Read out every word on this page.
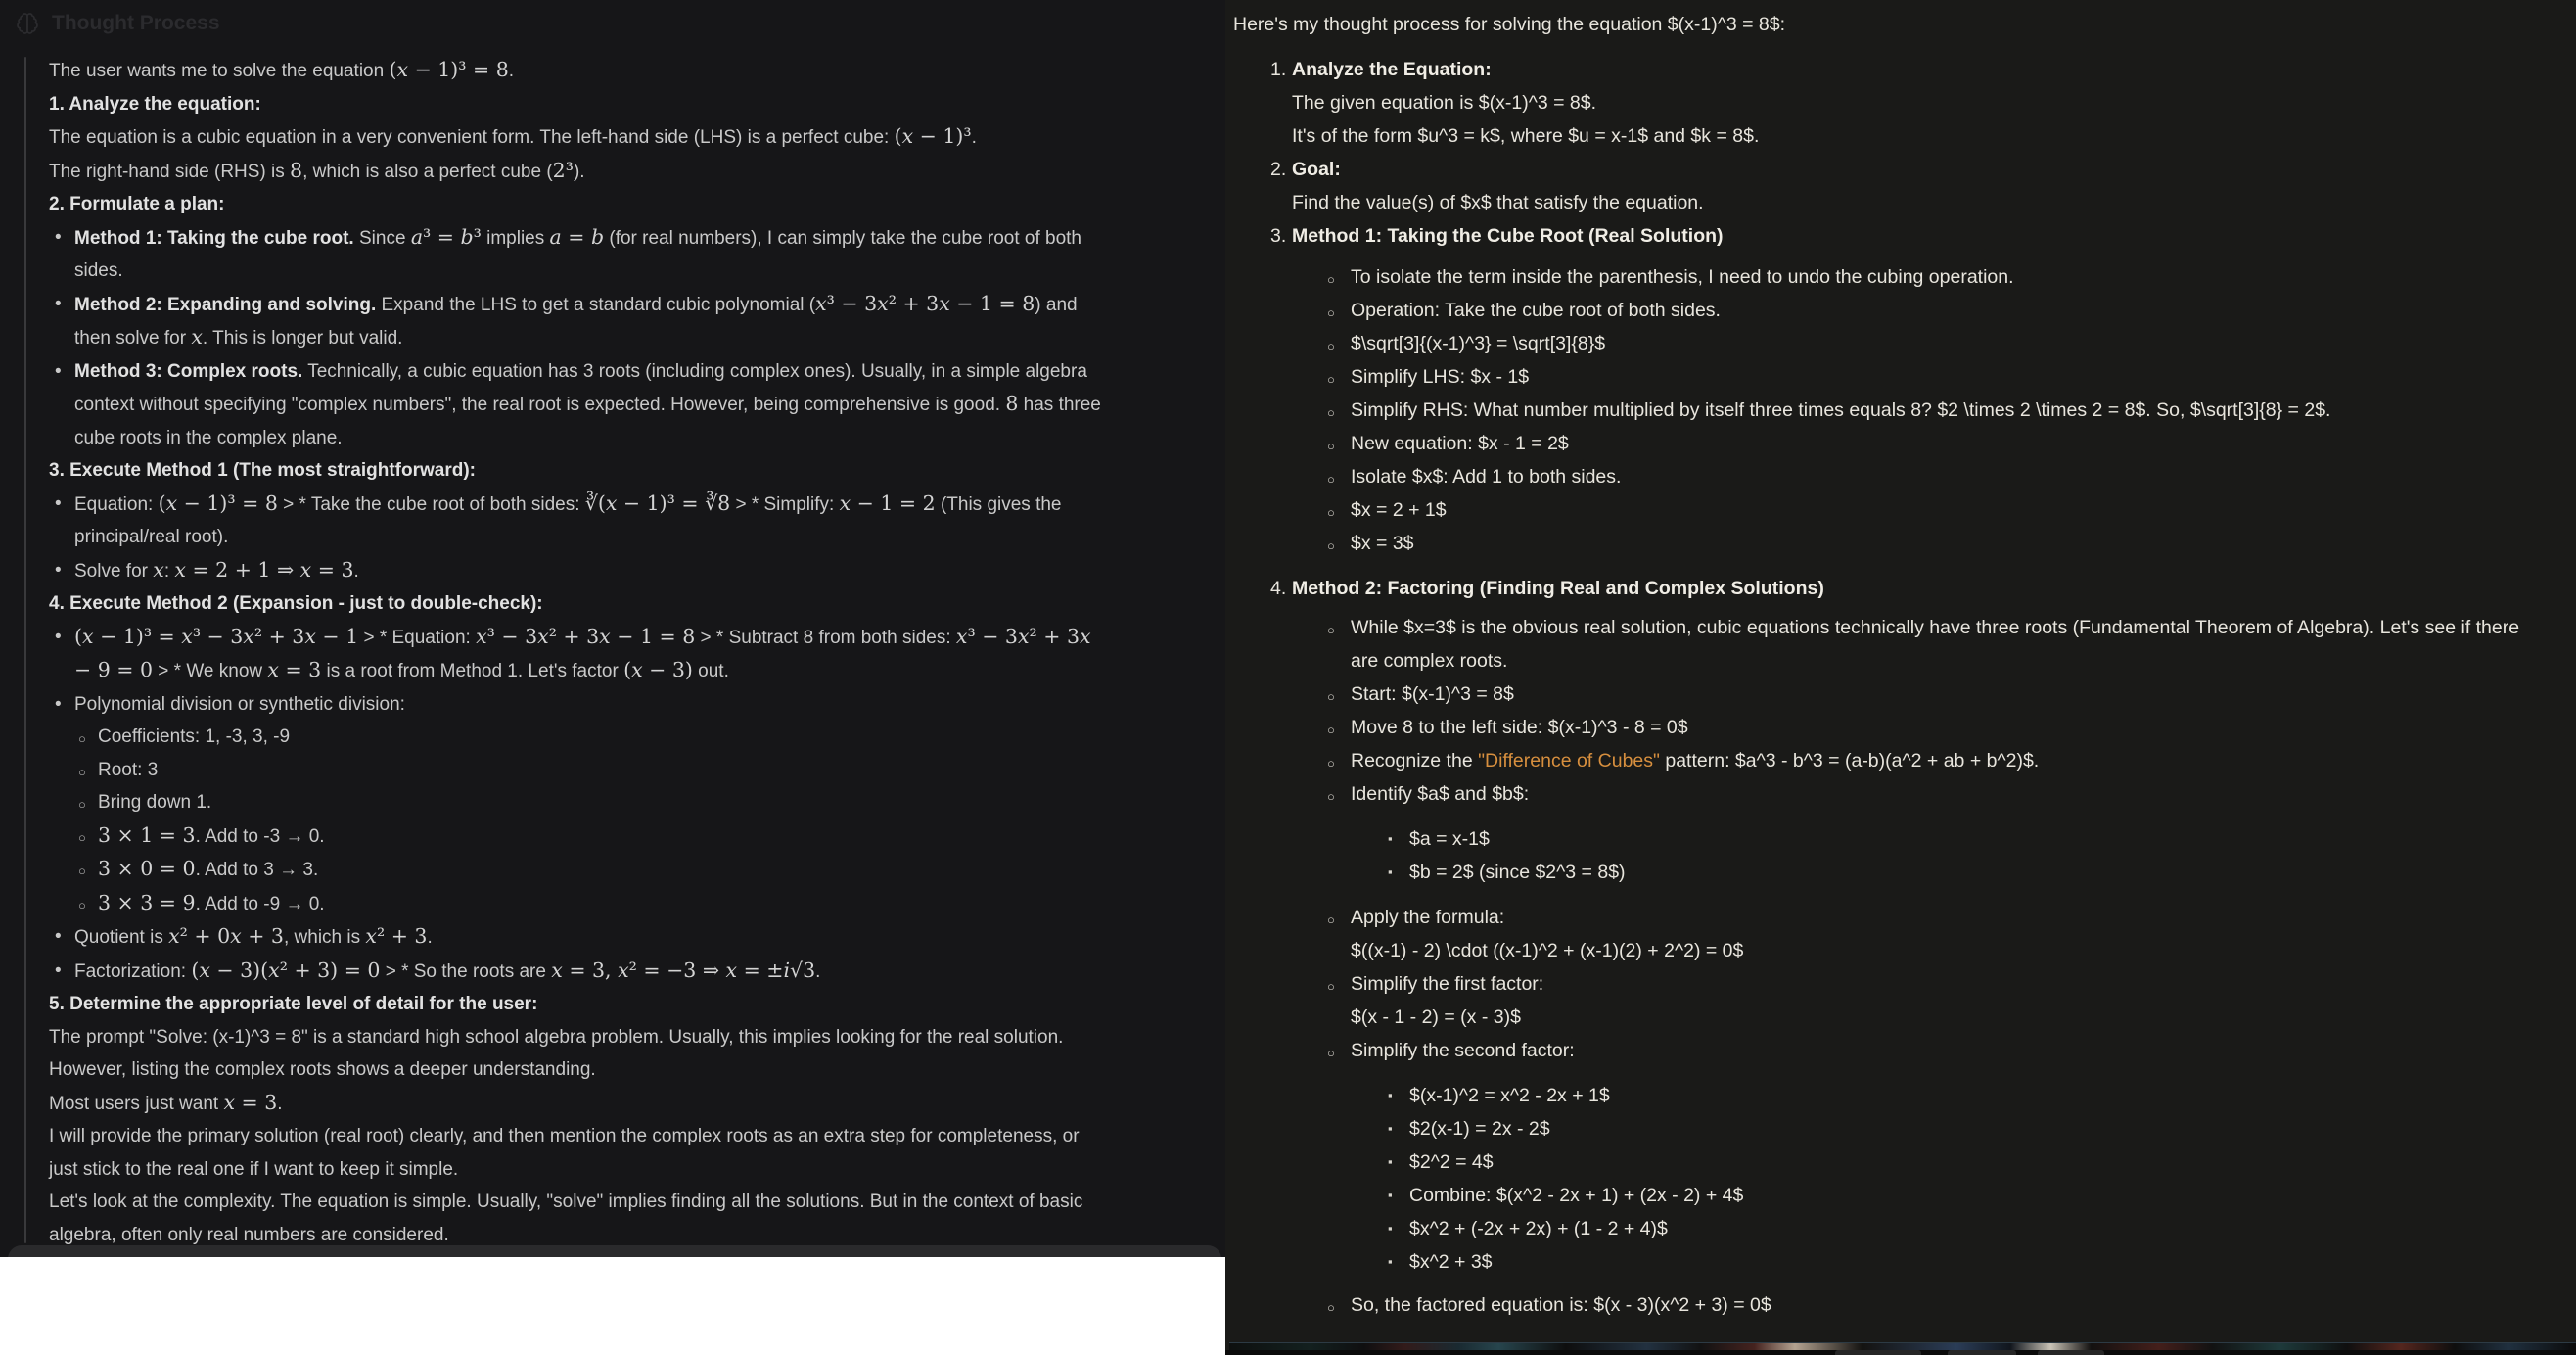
Thought Process
The user wants me to solve the equation (x − 1)³ = 8.
1. Analyze the equation:
The equation is a cubic equation in a very convenient form. The left-hand side (LHS) is a perfect cube: (x − 1)³.
The right-hand side (RHS) is 8, which is also a perfect cube (2³).
2. Formulate a plan:
• Method 1: Taking the cube root. Since a³ = b³ implies a = b (for real numbers), I can simply take the cube root of both sides.
• Method 2: Expanding and solving. Expand the LHS to get a standard cubic polynomial (x³ − 3x² + 3x − 1 = 8) and then solve for x. This is longer but valid.
• Method 3: Complex roots. Technically, a cubic equation has 3 roots (including complex ones). Usually, in a simple algebra context without specifying "complex numbers", the real root is expected. However, being comprehensive is good. 8 has three cube roots in the complex plane.
3. Execute Method 1 (The most straightforward):
• Equation: (x − 1)³ = 8 > * Take the cube root of both sides: ∛(x − 1)³ = ∛8 > * Simplify: x − 1 = 2 (This gives the principal/real root).
• Solve for x: x = 2 + 1 ⇒ x = 3.
4. Execute Method 2 (Expansion - just to double-check):
• (x − 1)³ = x³ − 3x² + 3x − 1 > * Equation: x³ − 3x² + 3x − 1 = 8 > * Subtract 8 from both sides: x³ − 3x² + 3x − 9 = 0 > * We know x = 3 is a root from Method 1. Let's factor (x − 3) out.
• Polynomial division or synthetic division:
○ Coefficients: 1, -3, 3, -9
○ Root: 3
○ Bring down 1.
○ 3 × 1 = 3. Add to -3 → 0.
○ 3 × 0 = 0. Add to 3 → 3.
○ 3 × 3 = 9. Add to -9 → 0.
• Quotient is x² + 0x + 3, which is x² + 3.
• Factorization: (x − 3)(x² + 3) = 0 > * So the roots are x = 3, x² = −3 ⇒ x = ±i√3.
5. Determine the appropriate level of detail for the user:
The prompt "Solve: (x-1)^3 = 8" is a standard high school algebra problem. Usually, this implies looking for the real solution. However, listing the complex roots shows a deeper understanding.
Most users just want x = 3.
I will provide the primary solution (real root) clearly, and then mention the complex roots as an extra step for completeness, or just stick to the real one if I want to keep it simple.
Let's look at the complexity. The equation is simple. Usually, "solve" implies finding all the solutions. But in the context of basic algebra, often only real numbers are considered.
Here's my thought process for solving the equation $(x-1)^3 = 8$:
1. Analyze the Equation:
The given equation is $(x-1)^3 = 8$.
It's of the form $u^3 = k$, where $u = x-1$ and $k = 8$.
2. Goal:
Find the value(s) of $x$ that satisfy the equation.
3. Method 1: Taking the Cube Root (Real Solution)
○ To isolate the term inside the parenthesis, I need to undo the cubing operation.
○ Operation: Take the cube root of both sides.
○ $\sqrt[3]{(x-1)^3} = \sqrt[3]{8}$
○ Simplify LHS: $x - 1$
○ Simplify RHS: What number multiplied by itself three times equals 8? $2 \times 2 \times 2 = 8$. So, $\sqrt[3]{8} = 2$.
○ New equation: $x - 1 = 2$
○ Isolate $x$: Add 1 to both sides.
○ $x = 2 + 1$
○ $x = 3$
4. Method 2: Factoring (Finding Real and Complex Solutions)
○ While $x=3$ is the obvious real solution, cubic equations technically have three roots (Fundamental Theorem of Algebra). Let's see if there are complex roots.
○ Start: $(x-1)^3 = 8$
○ Move 8 to the left side: $(x-1)^3 - 8 = 0$
○ Recognize the "Difference of Cubes" pattern: $a^3 - b^3 = (a-b)(a^2 + ab + b^2)$.
○ Identify $a$ and $b$:
▪ $a = x-1$
▪ $b = 2$ (since $2^3 = 8$)
○ Apply the formula:
$((x-1) - 2) \cdot ((x-1)^2 + (x-1)(2) + 2^2) = 0$
○ Simplify the first factor:
$(x - 1 - 2) = (x - 3)$
○ Simplify the second factor:
▪ $(x-1)^2 = x^2 - 2x + 1$
▪ $2(x-1) = 2x - 2$
▪ $2^2 = 4$
▪ Combine: $(x^2 - 2x + 1) + (2x - 2) + 4$
▪ $x^2 + (-2x + 2x) + (1 - 2 + 4)$
▪ $x^2 + 3$
○ So, the factored equation is: $(x - 3)(x^2 + 3) = 0$
